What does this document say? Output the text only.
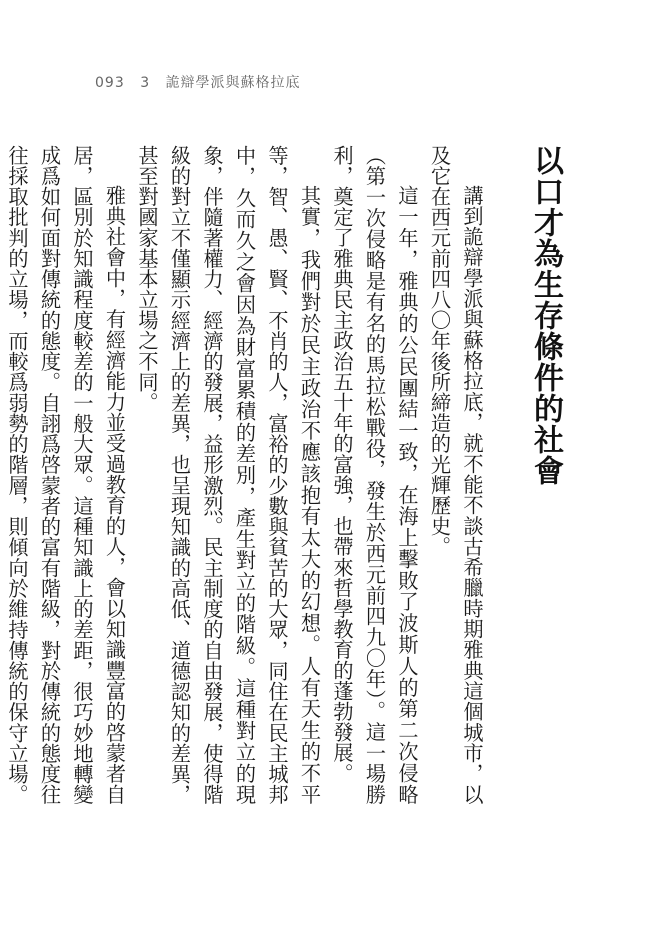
093 3 詭辯學派與蘇格拉底
以口才為生存條件的社會

講到詭辯學派與蘇格拉底，就不能不談古希臘時期雅典這個城市，以及它在西元前四八〇年後所締造的光輝歷史。

這一年，雅典的公民團結一致，在海上擊敗了波斯人的第二次侵略（第一次侵略是有名的馬拉松戰役，發生於西元前四九〇年）。這一場勝利，奠定了雅典民主政治五十年的富強，也帶來哲學教育的蓬勃發展。

其實，我們對於民主政治不應該抱有太大的幻想。人有天生的不平等，智、愚、賢、不肖的人，富裕的少數與貧苦的大眾，同住在民主城邦中，久而久之會因為財富累積的差別，產生對立的階級。這種對立的現象，伴隨著權力、經濟的發展，益形激烈。民主制度的自由發展，使得階級的對立不僅顯示經濟上的差異，也呈現知識的高低、道德認知的差異，甚至對國家基本立場之不同。

雅典社會中，有經濟能力並受過教育的人，會以知識豐富的啓蒙者自居，區別於知識程度較差的一般大眾。這種知識上的差距，很巧妙地轉變成爲如何面對傳統的態度。自詡爲啓蒙者的富有階級，對於傳統的態度往往採取批判的立場，而較爲弱勢的階層，則傾向於維持傳統的保守立場。
